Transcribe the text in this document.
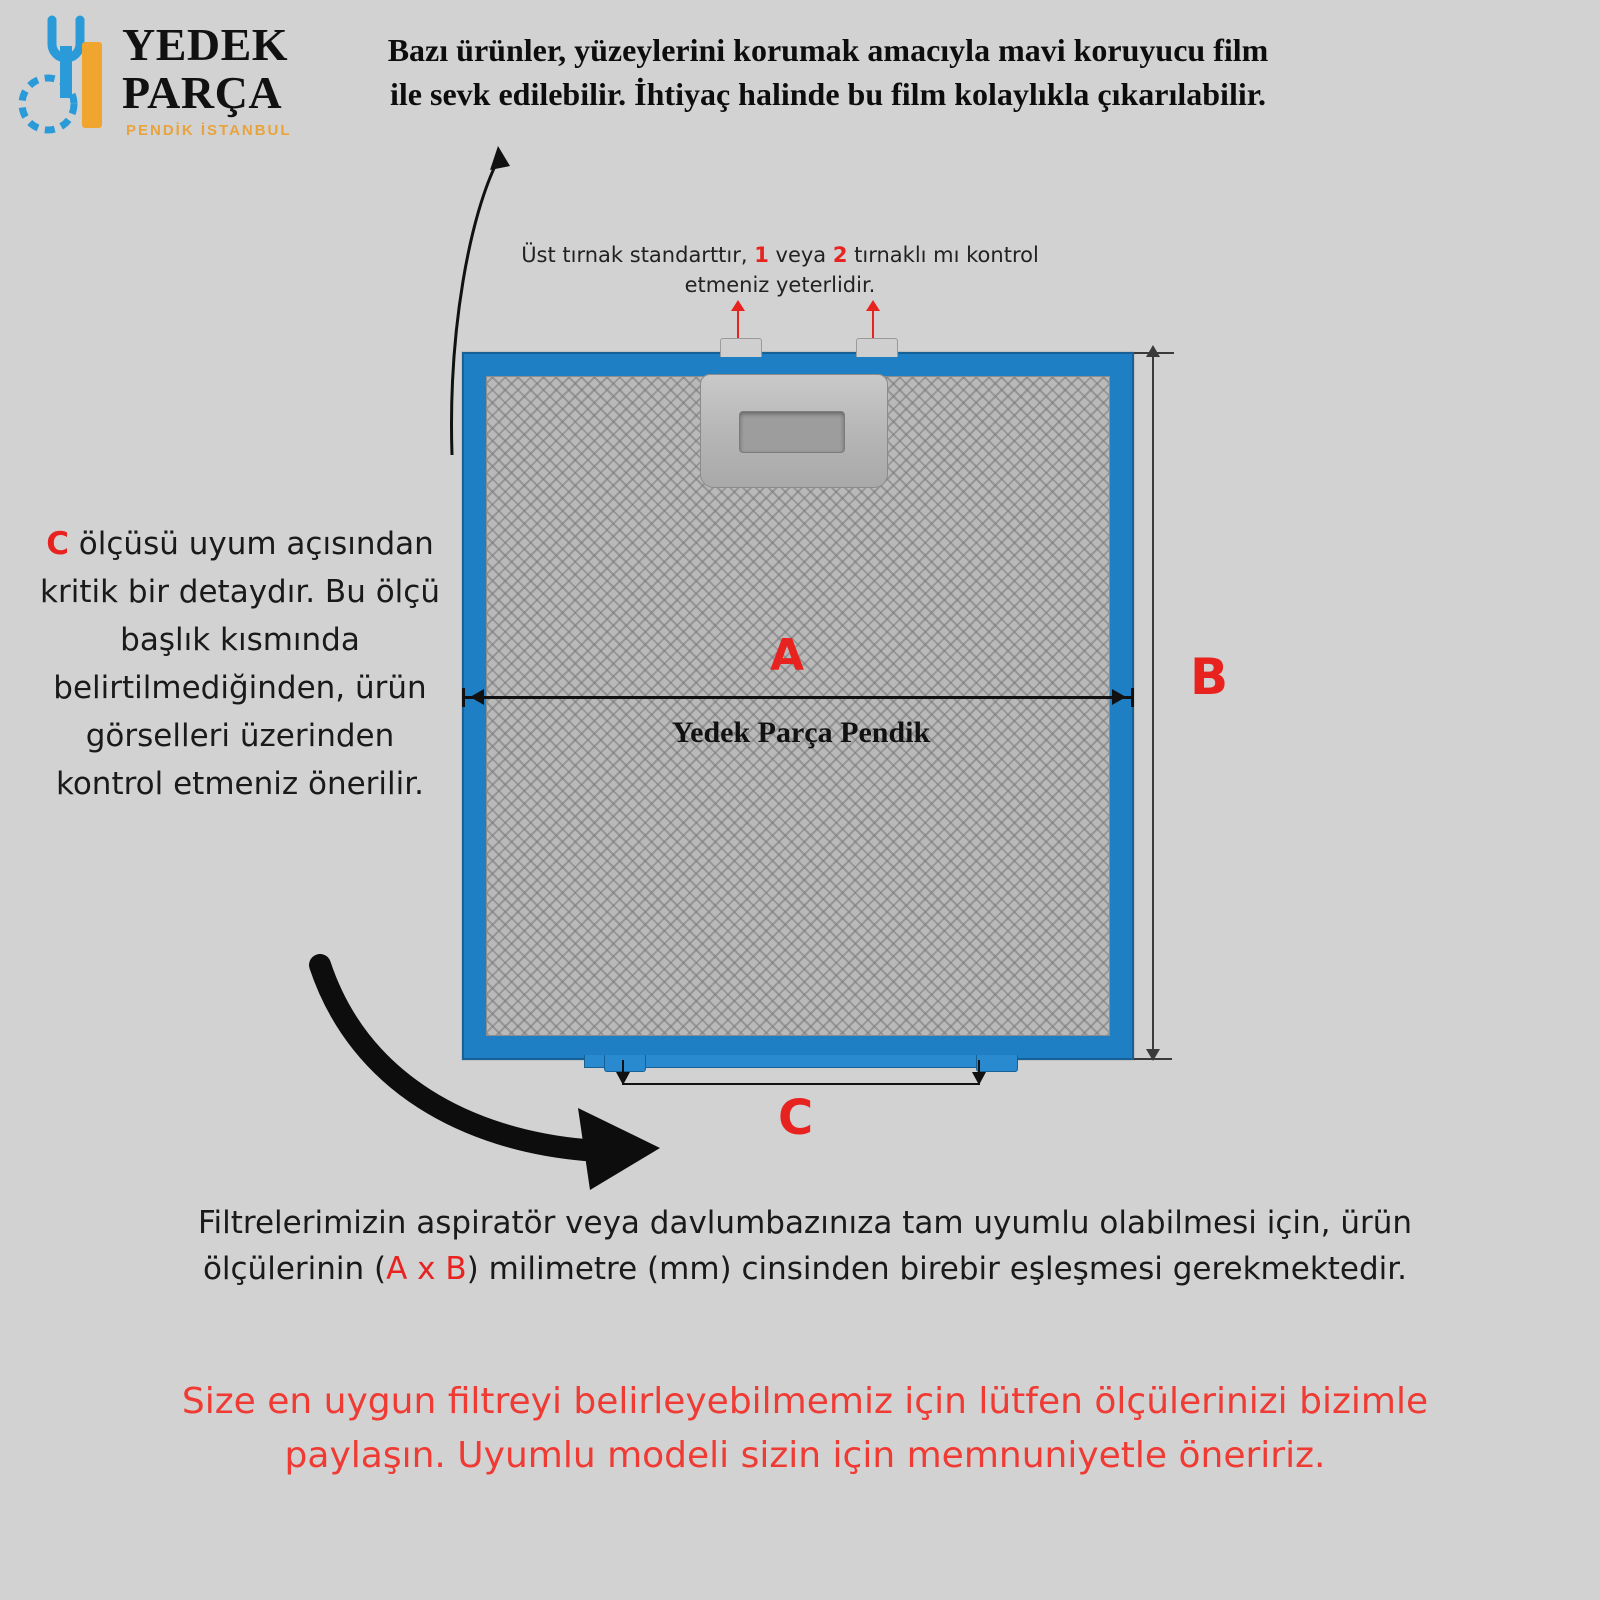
YEDEK
PARÇA
PENDİK İSTANBUL
Bazı ürünler, yüzeylerini korumak amacıyla mavi koruyucu film ile sevk edilebilir. İhtiyaç halinde bu film kolaylıkla çıkarılabilir.
Üst tırnak standarttır, 1 veya 2 tırnaklı mı kontrol etmeniz yeterlidir.
C ölçüsü uyum açısından kritik bir detaydır. Bu ölçü başlık kısmında belirtilmediğinden, ürün görselleri üzerinden kontrol etmeniz önerilir.
A
Yedek Parça Pendik
B
C
Filtrelerimizin aspiratör veya davlumbazınıza tam uyumlu olabilmesi için, ürün ölçülerinin (A x B) milimetre (mm) cinsinden birebir eşleşmesi gerekmektedir.
Size en uygun filtreyi belirleyebilmemiz için lütfen ölçülerinizi bizimle paylaşın. Uyumlu modeli sizin için memnuniyetle öneririz.
